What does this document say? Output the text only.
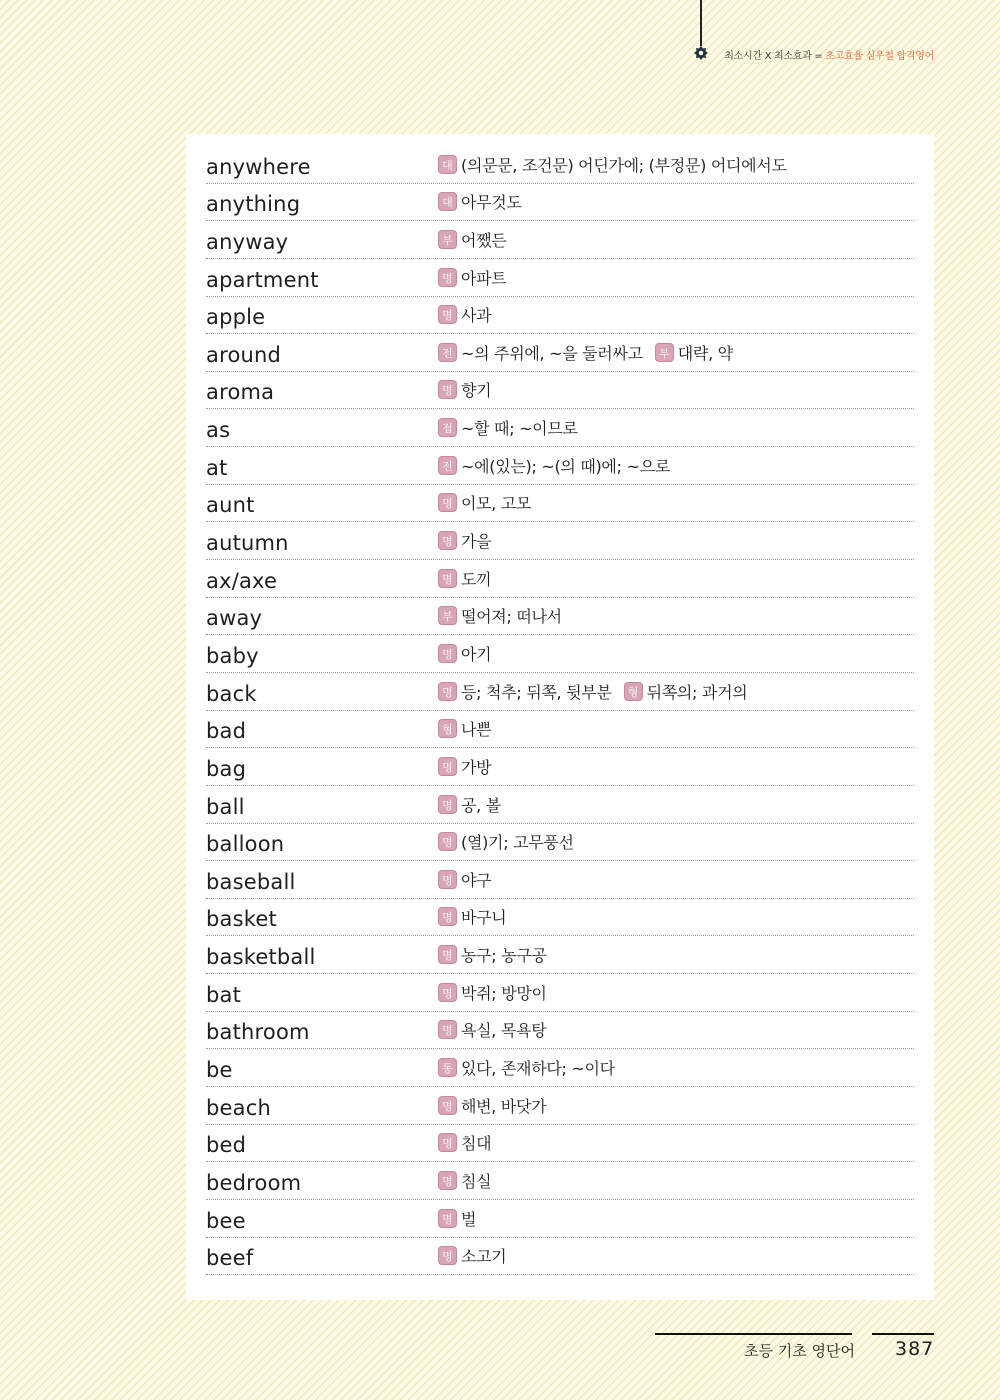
최소시간 X 최소효과 = 초고효율 심우철 합격영어
anywhere	대 (의문문, 조건문) 어딘가에; (부정문) 어디에서도
anything	대 아무것도
anyway	부 어쨌든
apartment	명 아파트
apple	명 사과
around	전 ~의 주위에, ~을 둘러싸고	부 대략, 약
aroma	명 향기
as	접 ~할 때; ~이므로
at	전 ~에(있는); ~(의 때)에; ~으로
aunt	명 이모, 고모
autumn	명 가을
ax/axe	명 도끼
away	부 떨어져; 떠나서
baby	명 아기
back	명 등; 척추; 뒤쪽, 뒷부분	형 뒤쪽의; 과거의
bad	형 나쁜
bag	명 가방
ball	명 공, 볼
balloon	명 (열)기; 고무풍선
baseball	명 야구
basket	명 바구니
basketball	명 농구; 농구공
bat	명 박쥐; 방망이
bathroom	명 욕실, 목욕탕
be	동 있다, 존재하다; ~이다
beach	명 해변, 바닷가
bed	명 침대
bedroom	명 침실
bee	명 벌
beef	명 소고기
초등 기초 영단어 387
